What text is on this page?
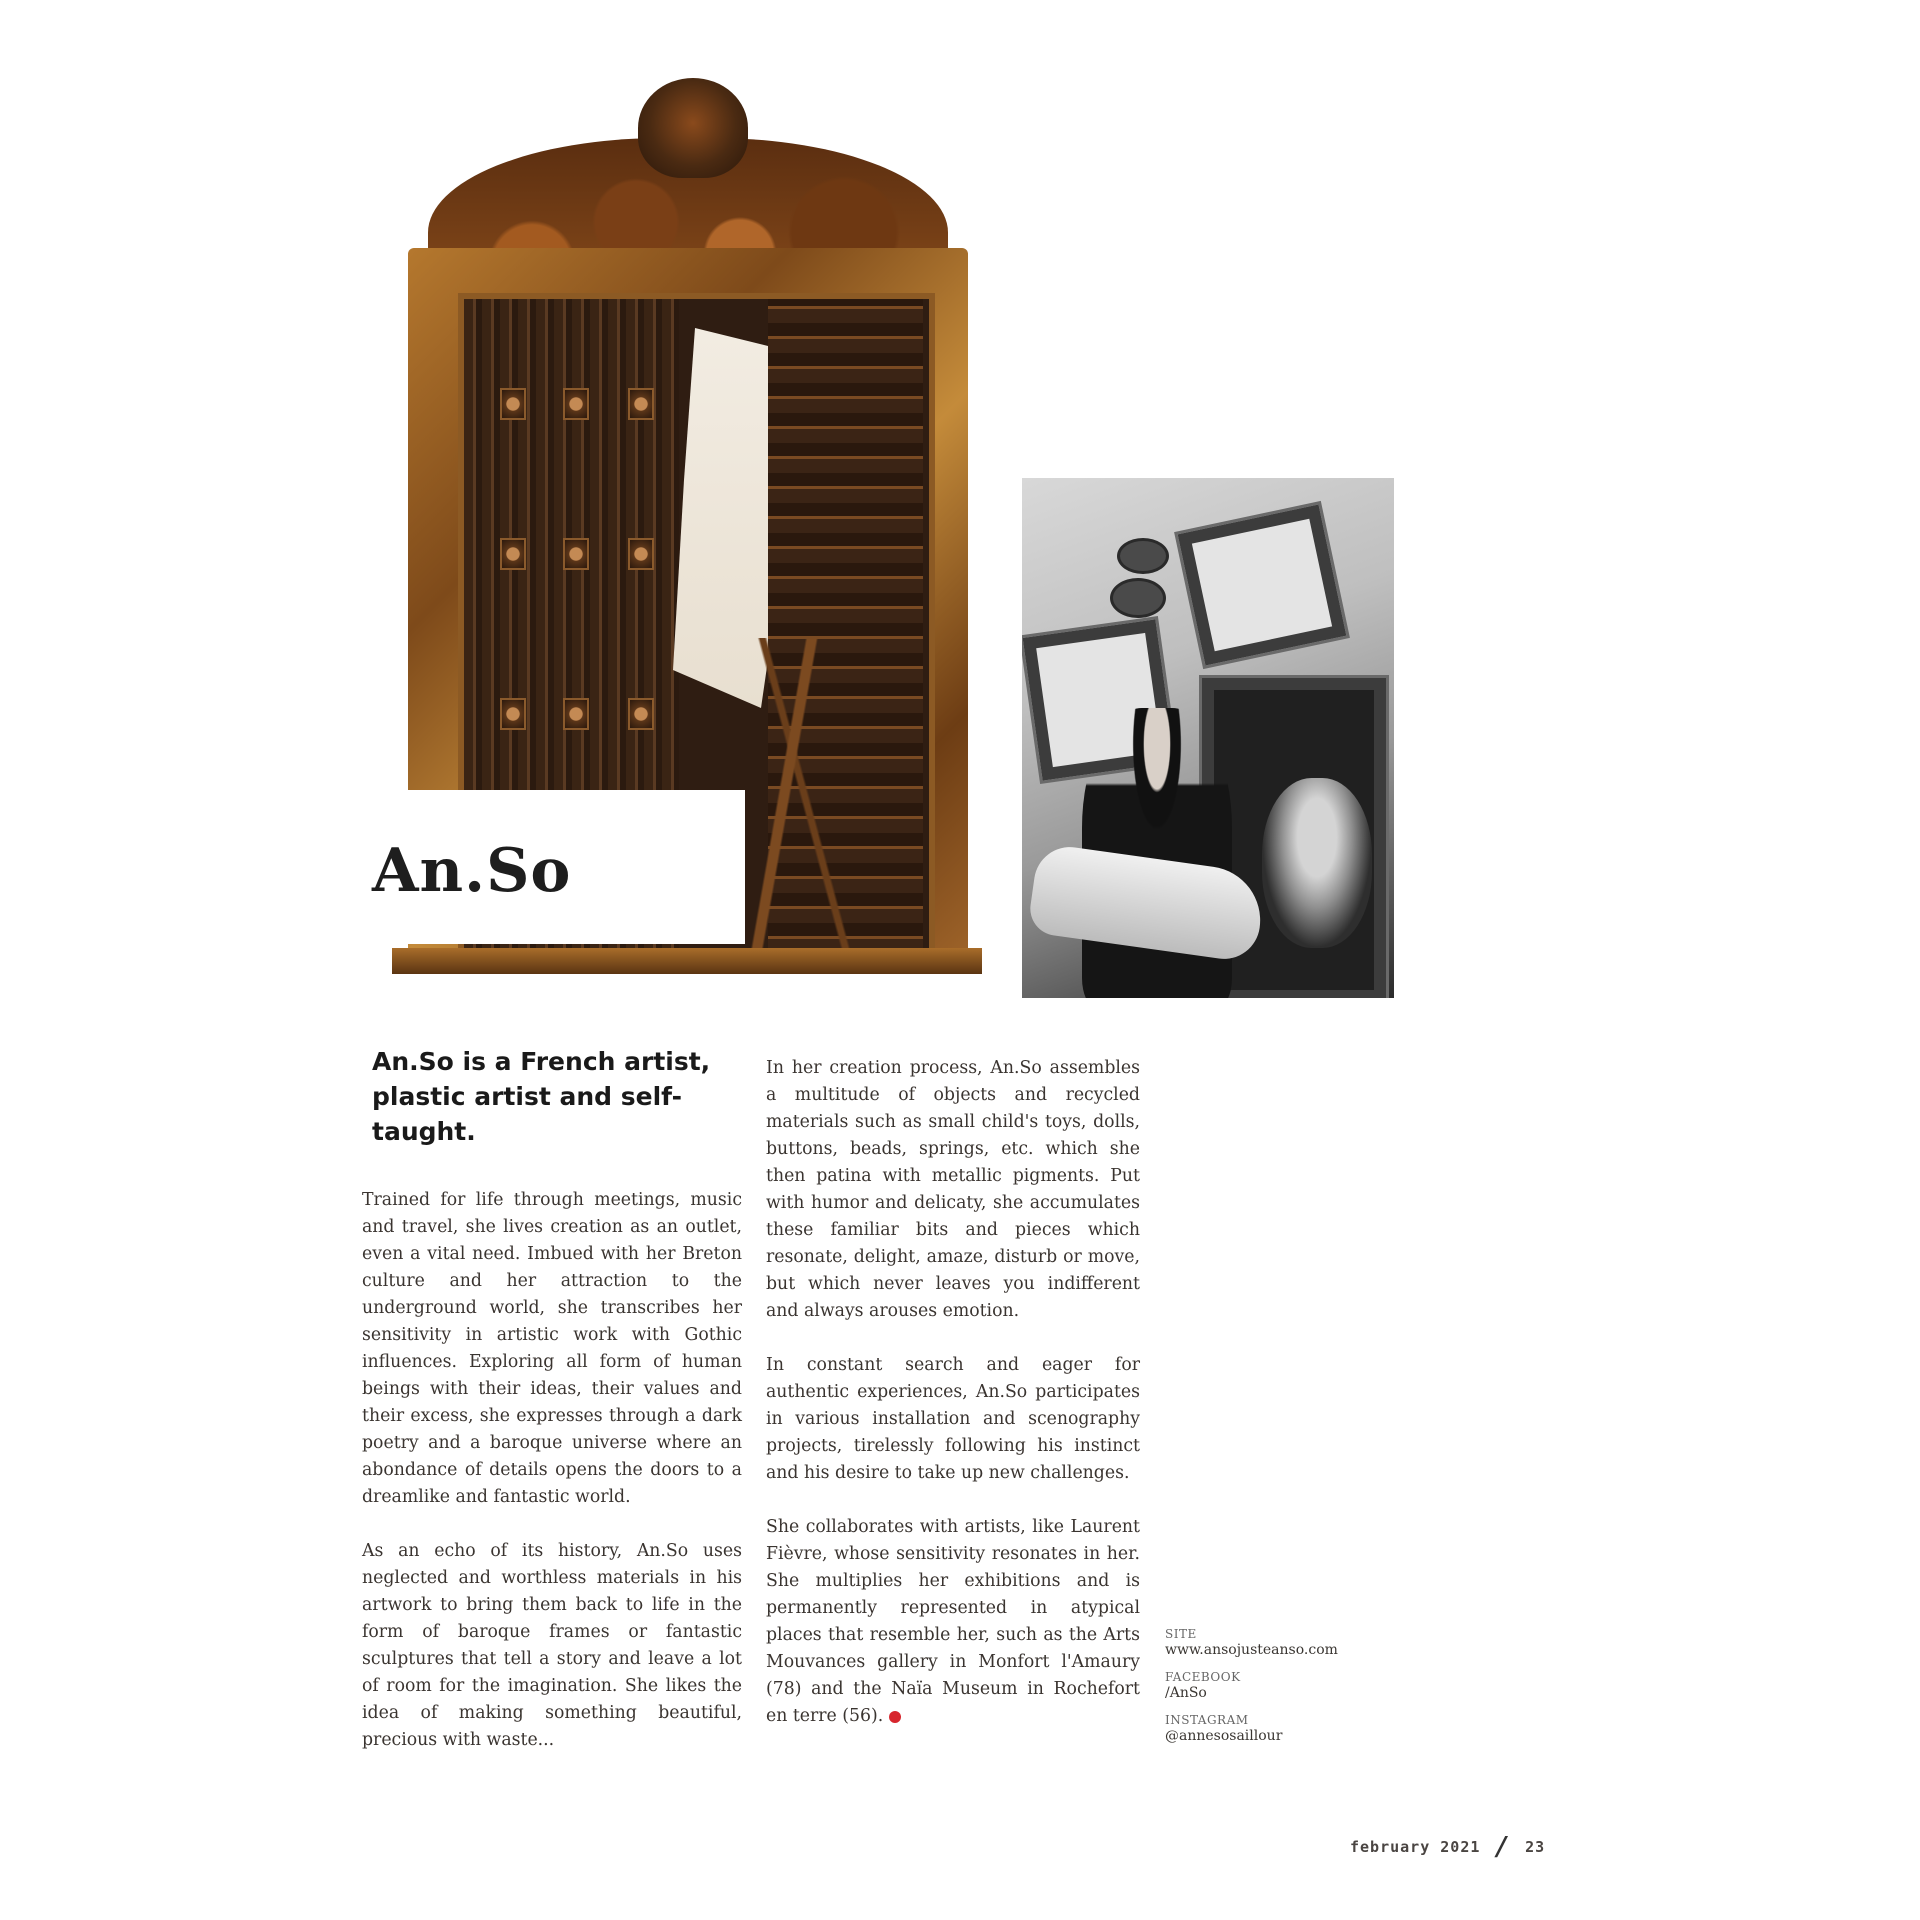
An.So
An.So is a French artist, plastic artist and self-taught.

Trained for life through meetings, music and travel, she lives creation as an outlet, even a vital need. Imbued with her Breton culture and her attraction to the underground world, she transcribes her sensitivity in artistic work with Gothic influences. Exploring all form of human beings with their ideas, their values and their excess, she expresses through a dark poetry and a baroque universe where an abondance of details opens the doors to a dreamlike and fantastic world.

As an echo of its history, An.So uses neglected and worthless materials in his artwork to bring them back to life in the form of baroque frames or fantastic sculptures that tell a story and leave a lot of room for the imagination. She likes the idea of making something beautiful, precious with waste...

In her creation process, An.So assembles a multitude of objects and recycled materials such as small child's toys, dolls, buttons, beads, springs, etc. which she then patina with metallic pigments. Put with humor and delicaty, she accumulates these familiar bits and pieces which resonate, delight, amaze, disturb or move, but which never leaves you indifferent and always arouses emotion.

In constant search and eager for authentic experiences, An.So participates in various installation and scenography projects, tirelessly following his instinct and his desire to take up new challenges.

She collaborates with artists, like Laurent Fièvre, whose sensitivity resonates in her. She multiplies her exhibitions and is permanently represented in atypical places that resemble her, such as the Arts Mouvances gallery in Monfort l'Amaury (78) and the Naïa Museum in Rochefort en terre (56).

SITE
www.ansojusteanso.com
FACEBOOK
/AnSo
INSTAGRAM
@annesosaillour
february 2021 / 23
